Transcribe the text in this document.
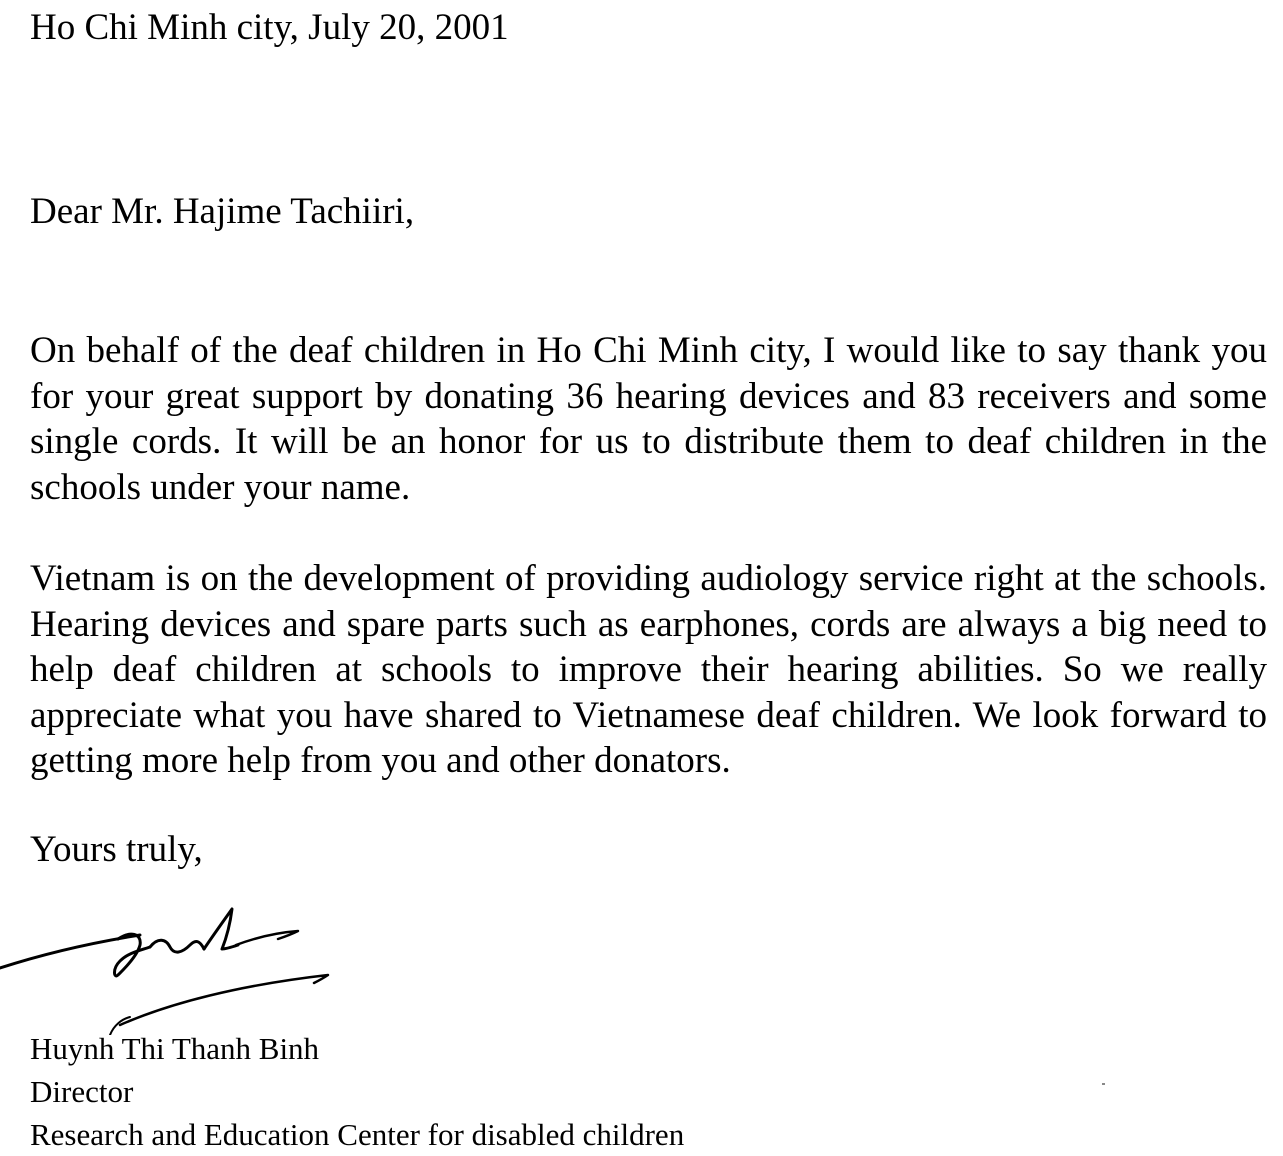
Ho Chi Minh city, July 20, 2001

Dear Mr. Hajime Tachiiri,

On behalf of the deaf children in Ho Chi Minh city, I would like to say thank you for your great support by donating 36 hearing devices and 83 receivers and some single cords. It will be an honor for us to distribute them to deaf children in the schools under your name.

Vietnam is on the development of providing audiology service right at the schools. Hearing devices and spare parts such as earphones, cords are always a big need to help deaf children at schools to improve their hearing abilities. So we really appreciate what you have shared to Vietnamese deaf children. We look forward to getting more help from you and other donators.

Yours truly,

Huynh Thi Thanh Binh
Director
Research and Education Center for disabled children
